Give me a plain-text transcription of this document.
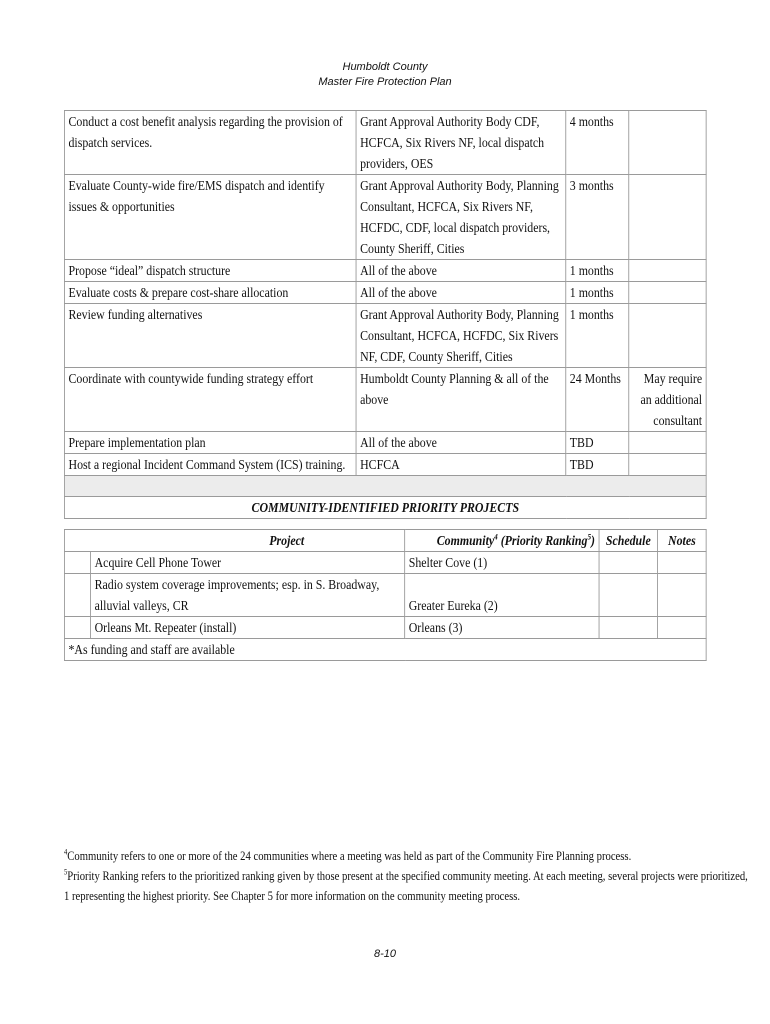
Humboldt County
Master Fire Protection Plan
Conduct a cost benefit analysis regarding the provision of dispatch services.	Grant Approval Authority Body CDF, HCFCA, Six Rivers NF, local dispatch providers, OES	4 months	
Evaluate County-wide fire/EMS dispatch and identify issues & opportunities	Grant Approval Authority Body, Planning Consultant, HCFCA, Six Rivers NF, HCFDC, CDF, local dispatch providers, County Sheriff, Cities	3 months	
Propose “ideal” dispatch structure	All of the above	1 months	
Evaluate costs & prepare cost-share allocation	All of the above	1 months	
Review funding alternatives	Grant Approval Authority Body, Planning Consultant, HCFCA, HCFDC, Six Rivers NF, CDF, County Sheriff, Cities	1 months	
Coordinate with countywide funding strategy effort	Humboldt County Planning & all of the above	24 Months	May require an additional consultant
Prepare implementation plan	All of the above	TBD	
Host a regional Incident Command System (ICS) training.	HCFCA	TBD	

COMMUNITY-IDENTIFIED PRIORITY PROJECTS			
Project		Community$^4$ (Priority Ranking$^5$)	Schedule	Notes
	Acquire Cell Phone Tower	Shelter Cove (1)		
	Radio system coverage improvements; esp. in S. Broadway, alluvial valleys, CR	Greater Eureka (2)		
	Orleans Mt. Repeater (install)	Orleans (3)		
*As funding and staff are available				
$^4$Community refers to one or more of the 24 communities where a meeting was held as part of the Community Fire Planning process.
$^5$Priority Ranking refers to the prioritized ranking given by those present at the specified community meeting. At each meeting, several projects were prioritized,
1 representing the highest priority. See Chapter 5 for more information on the community meeting process.
8-10
